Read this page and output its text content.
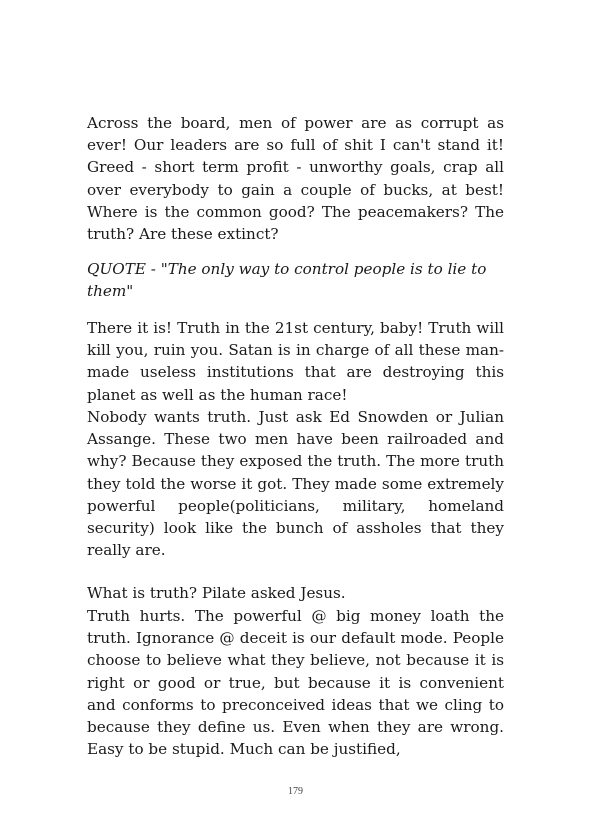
Across the board, men of power are as corrupt as ever! Our leaders are so full of shit I can't stand it! Greed - short term profit - unworthy goals, crap all over everybody to gain a couple of bucks, at best! Where is the common good? The peacemakers? The truth? Are these extinct?

QUOTE - "The only way to control people is to lie to them"

There it is! Truth in the 21st century, baby! Truth will kill you, ruin you. Satan is in charge of all these man-made useless institutions that are destroying this planet as well as the human race!

Nobody wants truth. Just ask Ed Snowden or Julian Assange. These two men have been railroaded and why? Because they exposed the truth. The more truth they told the worse it got. They made some extremely powerful people(politicians, military, homeland security) look like the bunch of assholes that they really are.

What is truth? Pilate asked Jesus.

Truth hurts. The powerful @ big money loath the truth. Ignorance @ deceit is our default mode. People choose to believe what they believe, not because it is right or good or true, but because it is convenient and conforms to preconceived ideas that we cling to because they define us. Even when they are wrong. Easy to be stupid. Much can be justified,

179
